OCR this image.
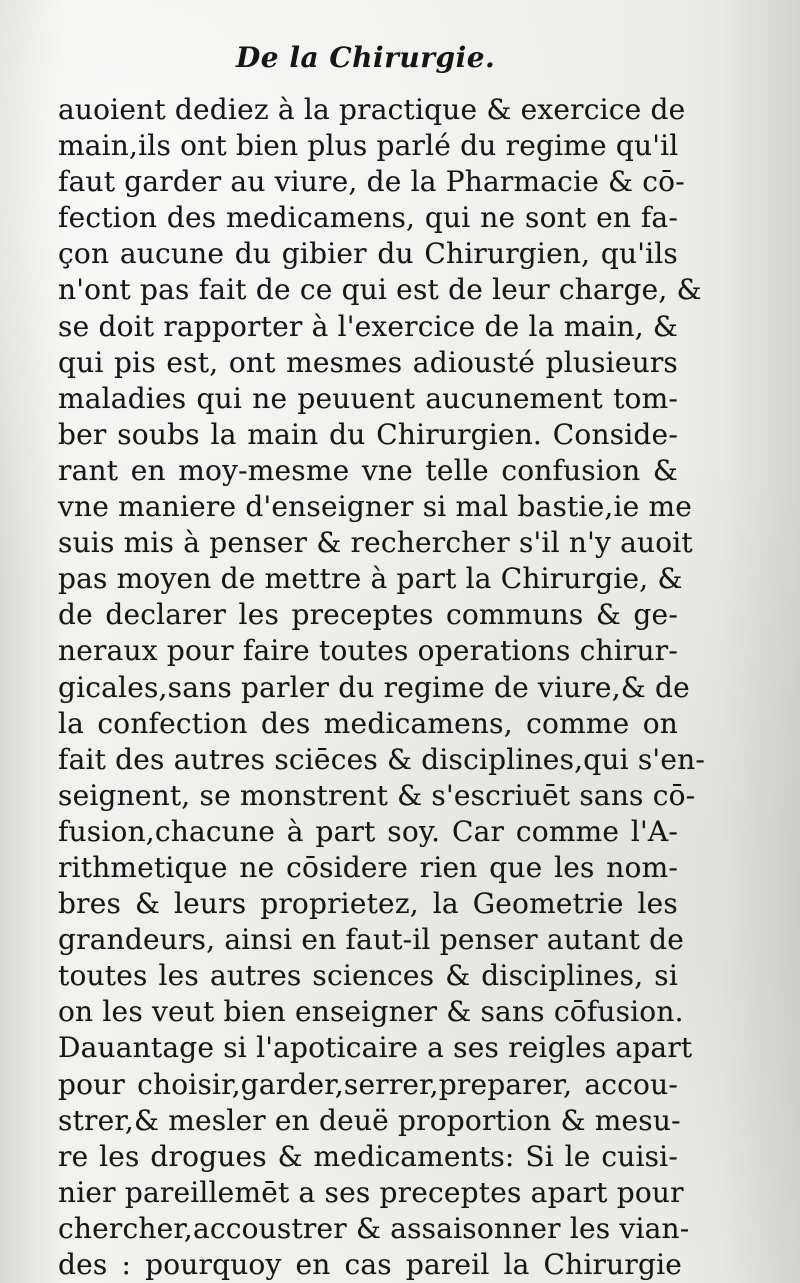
De la Chirurgie.
auoient dediez à la practique & exercice de
main,ils ont bien plus parlé du regime qu'il
faut garder au viure, de la Pharmacie & cō-
fection des medicamens, qui ne sont en fa-
çon aucune du gibier du Chirurgien, qu'ils
n'ont pas fait de ce qui est de leur charge, &
se doit rapporter à l'exercice de la main, &
qui pis est, ont mesmes adiousté plusieurs
maladies qui ne peuuent aucunement tom-
ber soubs la main du Chirurgien. Conside-
rant en moy-mesme vne telle confusion &
vne maniere d'enseigner si mal bastie,ie me
suis mis à penser & rechercher s'il n'y auoit
pas moyen de mettre à part la Chirurgie, &
de declarer les preceptes communs & ge-
neraux pour faire toutes operations chirur-
gicales,sans parler du regime de viure,& de
la confection des medicamens, comme on
fait des autres sciēces & disciplines,qui s'en-
seignent, se monstrent & s'escriuēt sans cō-
fusion,chacune à part soy. Car comme l'A-
rithmetique ne cōsidere rien que les nom-
bres & leurs proprietez, la Geometrie les
grandeurs, ainsi en faut-il penser autant de
toutes les autres sciences & disciplines, si
on les veut bien enseigner & sans cōfusion.
Dauantage si l'apoticaire a ses reigles apart
pour choisir,garder,serrer,preparer, accou-
strer,& mesler en deuë proportion & mesu-
re les drogues & medicaments: Si le cuisi-
nier pareillemēt a ses preceptes apart pour
chercher,accoustrer & assaisonner les vian-
des : pourquoy en cas pareil la Chirurgie
